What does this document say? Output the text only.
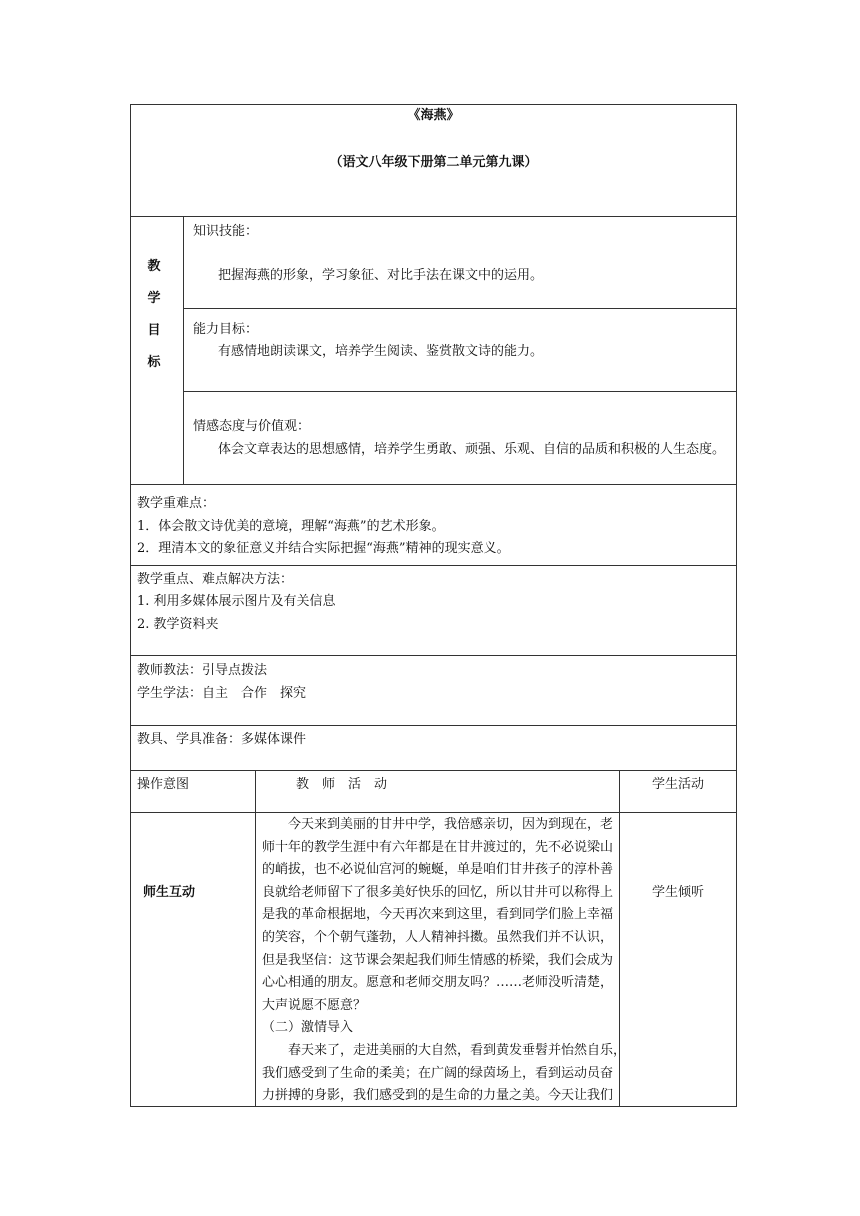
《海燕》
（语文八年级下册第二单元第九课）
教
学
目
标
知识技能：
把握海燕的形象，学习象征、对比手法在课文中的运用。
能力目标：
有感情地朗读课文，培养学生阅读、鉴赏散文诗的能力。
情感态度与价值观：
体会文章表达的思想感情，培养学生勇敢、顽强、乐观、自信的品质和积极的人生态度。
教学重难点：
1．体会散文诗优美的意境，理解“海燕”的艺术形象。
2．理清本文的象征意义并结合实际把握“海燕”精神的现实意义。
教学重点、难点解决方法：
1. 利用多媒体展示图片及有关信息
2. 教学资料夹
教师教法：引导点拨法
学生学法：自主　合作　探究
教具、学具准备：多媒体课件
操作意图	教　师　活　动	学生活动
师生互动

　　今天来到美丽的甘井中学，我倍感亲切，因为到现在，老

师十年的教学生涯中有六年都是在甘井渡过的，先不必说梁山

的峭拔，也不必说仙宫河的蜿蜒，单是咱们甘井孩子的淳朴善

良就给老师留下了很多美好快乐的回忆，所以甘井可以称得上

是我的革命根据地，今天再次来到这里，看到同学们脸上幸福

的笑容，个个朝气蓬勃，人人精神抖擞。虽然我们并不认识，

但是我坚信：这节课会架起我们师生情感的桥梁，我们会成为

心心相通的朋友。愿意和老师交朋友吗？……老师没听清楚，

大声说愿不愿意？

（二）激情导入

　　春天来了，走进美丽的大自然，看到黄发垂髫并怡然自乐，

我们感受到了生命的柔美；在广阔的绿茵场上，看到运动员奋

力拼搏的身影，我们感受到的是生命的力量之美。今天让我们

学生倾听
